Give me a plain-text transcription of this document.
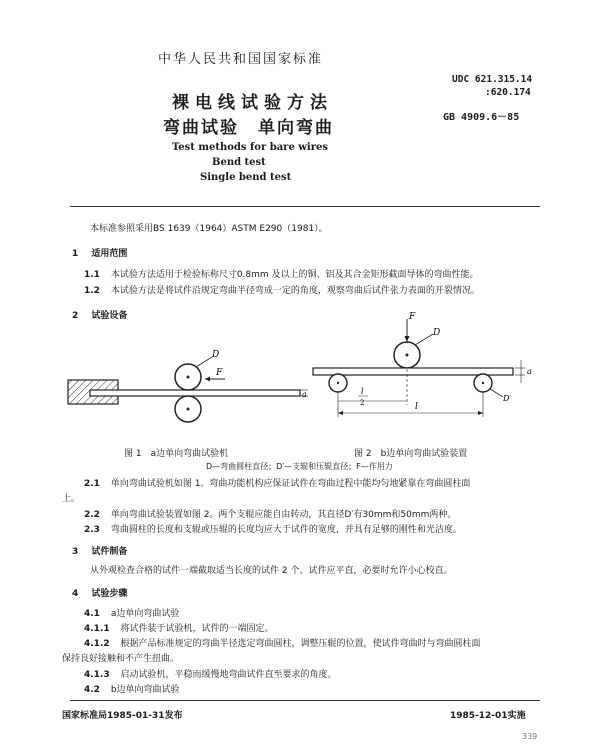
中华人民共和国国家标准
裸电线试验方法
弯曲试验　单向弯曲
Test methods for bare wires
Bend test
Single bend test
UDC 621.315.14
:620.174
GB 4909.6－85
本标准参照采用BS 1639（1964）ASTM E290（1981）。
1 适用范围
1.1 本试验方法适用于检验标称尺寸0.8mm 及以上的铜、铝及其合金矩形截面导体的弯曲性能。
1.2 本试验方法是将试件沿规定弯曲半径弯成一定的角度，观察弯曲后试件张力表面的开裂情况。
2 试验设备
D
F
a
F
D
D′
a
l
2	l
图 1　a边单向弯曲试验机	图 2　b边单向弯曲试验装置
D—弯曲圆柱直径；D′—支辊和压辊直径；F—作用力
2.1 单向弯曲试验机如图 1。弯曲功能机构应保证试件在弯曲过程中能均匀地紧靠在弯曲圆柱面
上。
2.2 单向弯曲试验装置如图 2。两个支辊应能自由转动，其直径D′有30mm和50mm两种。
2.3 弯曲圆柱的长度和支辊或压辊的长度均应大于试件的宽度，并具有足够的刚性和光洁度。
3 试件制备
从外观检查合格的试件一端截取适当长度的试件 2 个。试件应平直，必要时允许小心校直。
4 试验步骤
4.1 a边单向弯曲试验
4.1.1 将试件装于试验机，试件的一端固定。
4.1.2 根据产品标准规定的弯曲半径选定弯曲圆柱，调整压辊的位置，使试件弯曲时与弯曲圆柱面
保持良好接触和不产生扭曲。
4.1.3 启动试验机，平稳而缓慢地弯曲试件直至要求的角度。
4.2 b边单向弯曲试验
国家标准局1985-01-31发布	1985-12-01实施
339
